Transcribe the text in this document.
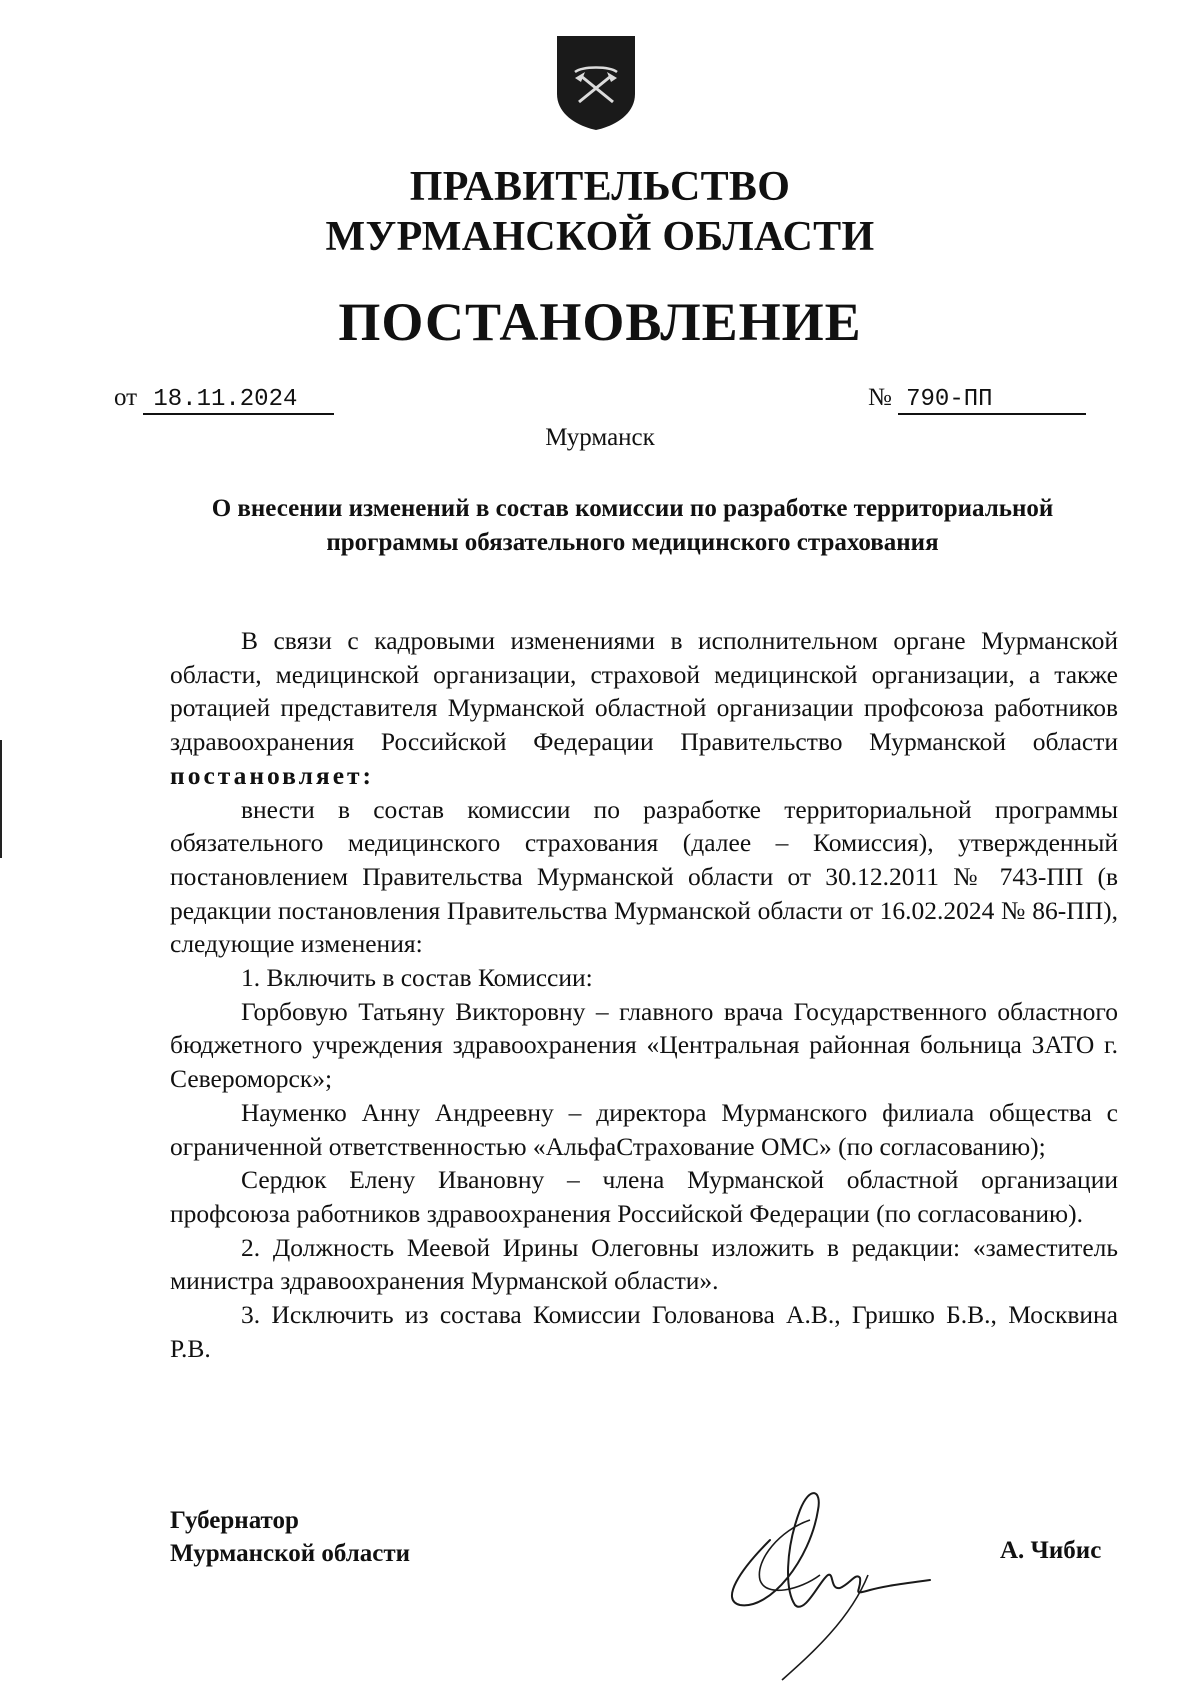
ПРАВИТЕЛЬСТВО
МУРМАНСКОЙ ОБЛАСТИ
ПОСТАНОВЛЕНИЕ
от 18.11.2024	№ 790-ПП
Мурманск
О внесении изменений в состав комиссии по разработке территориальной программы обязательного медицинского страхования

В связи с кадровыми изменениями в исполнительном органе Мурманской области, медицинской организации, страховой медицинской организации, а также ротацией представителя Мурманской областной организации профсоюза работников здравоохранения Российской Федерации Правительство Мурманской области постановляет:

внести в состав комиссии по разработке территориальной программы обязательного медицинского страхования (далее – Комиссия), утвержденный постановлением Правительства Мурманской области от 30.12.2011 № 743-ПП (в редакции постановления Правительства Мурманской области от 16.02.2024 № 86-ПП), следующие изменения:

1. Включить в состав Комиссии:

Горбовую Татьяну Викторовну – главного врача Государственного областного бюджетного учреждения здравоохранения «Центральная районная больница ЗАТО г. Североморск»;

Науменко Анну Андреевну – директора Мурманского филиала общества с ограниченной ответственностью «АльфаСтрахование ОМС» (по согласованию);

Сердюк Елену Ивановну – члена Мурманской областной организации профсоюза работников здравоохранения Российской Федерации (по согласованию).

2. Должность Меевой Ирины Олеговны изложить в редакции: «заместитель министра здравоохранения Мурманской области».

3. Исключить из состава Комиссии Голованова А.В., Гришко Б.В., Москвина Р.В.

Губернатор
Мурманской области	А. Чибис
